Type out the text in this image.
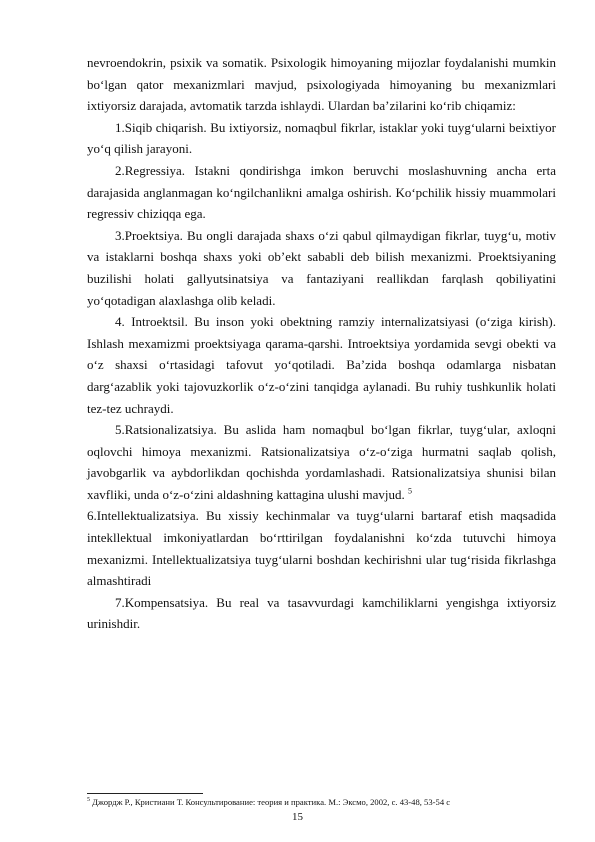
nevroendokrin, psixik va somatik. Psixologik himoyaning mijozlar foydalanishi mumkin bo‘lgan qator mexanizmlari mavjud, psixologiyada himoyaning bu mexanizmlari ixtiyorsiz darajada, avtomatik tarzda ishlaydi. Ulardan ba’zilarini ko‘rib chiqamiz:

1.Siqib chiqarish. Bu ixtiyorsiz, nomaqbul fikrlar, istaklar yoki tuyg‘ularni beixtiyor yo‘q qilish jarayoni.

2.Regressiya. Istakni qondirishga imkon beruvchi moslashuvning ancha erta darajasida anglanmagan ko‘ngilchanlikni amalga oshirish. Ko‘pchilik hissiy muammolari regressiv chiziqqa ega.

3.Proektsiya. Bu ongli darajada shaxs o‘zi qabul qilmaydigan fikrlar, tuyg‘u, motiv va istaklarni boshqa shaxs yoki ob’ekt sababli deb bilish mexanizmi. Proektsiyaning buzilishi holati gallyutsinatsiya va fantaziyani reallikdan farqlash qobiliyatini yo‘qotadigan alaxlashga olib keladi.

4. Introektsil. Bu inson yoki obektning ramziy internalizatsiyasi (o‘ziga kirish). Ishlash mexamizmi proektsiyaga qarama-qarshi. Introektsiya yordamida sevgi obekti va o‘z shaxsi o‘rtasidagi tafovut yo‘qotiladi. Ba’zida boshqa odamlarga nisbatan darg‘azablik yoki tajovuzkorlik o‘z-o‘zini tanqidga aylanadi. Bu ruhiy tushkunlik holati tez-tez uchraydi.

5.Ratsionalizatsiya. Bu aslida ham nomaqbul bo‘lgan fikrlar, tuyg‘ular, axloqni oqlovchi himoya mexanizmi. Ratsionalizatsiya o‘z-o‘ziga hurmatni saqlab qolish, javobgarlik va aybdorlikdan qochishda yordamlashadi. Ratsionalizatsiya shunisi bilan xavfliki, unda o‘z-o‘zini aldashning kattagina ulushi mavjud. $^5$

6.Intellektualizatsiya. Bu xissiy kechinmalar va tuyg‘ularni bartaraf etish maqsadida intekllektual imkoniyatlardan bo‘rttirilgan foydalanishni ko‘zda tutuvchi himoya mexanizmi. Intellektualizatsiya tuyg‘ularni boshdan kechirishni ular tug‘risida fikrlashga almashtiradi

7.Kompensatsiya. Bu real va tasavvurdagi kamchiliklarni yengishga ixtiyorsiz urinishdir.

$^5$ Джордж Р., Кристиани Т. Консультирование: теория и практика. М.: Эксмо, 2002, с. 43-48, 53-54 с
15
